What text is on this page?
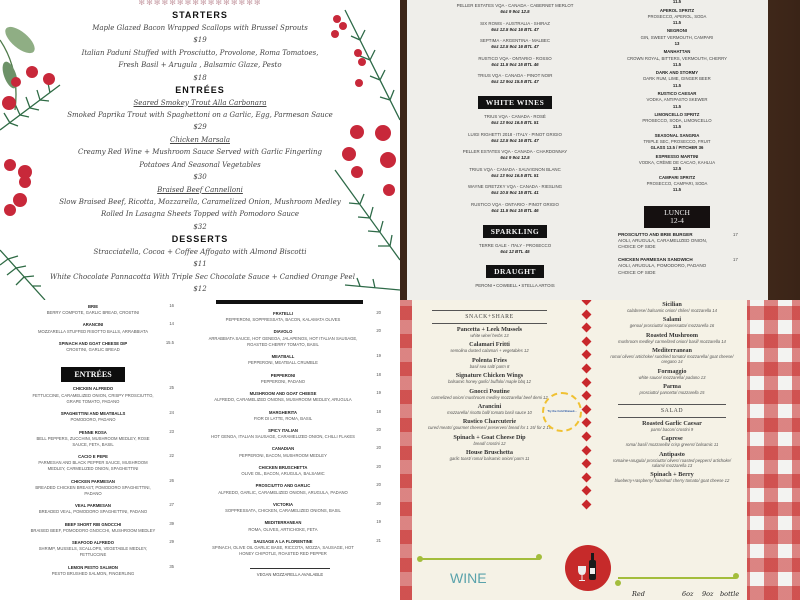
✻✻✻✻✻✻✻✻✻✻✻✻✻✻✻✻
STARTERS
Maple Glazed Bacon Wrapped Scallops with Brussel Sprouts
$19
Italian Paduni Stuffed with Prosciutto, Provolone, Roma Tomatoes,
Fresh Basil + Arugula , Balsamic Glaze, Pesto
$18
ENTRÉES
Seared Smokey Trout Alla Carbonara
Smoked Paprika Trout with Spaghettoni on a Garlic, Egg, Parmesan Sauce
$29
Chicken Marsala
Creamy Red Wine + Mushroom Sauce Served with Garlic Fingerling
Potatoes And Seasonal Vegetables
$30
Braised Beef Cannelloni
Slow Braised Beef, Ricotta, Mozzarella, Caramelized Onion, Mushroom Medley
Rolled In Lasagna Sheets Topped with Pomodoro Sauce
$32
DESSERTS
Stracciatella, Cocoa + Coffee Affogato with Almond Biscotti
$11
White Chocolate Pannacotta With Triple Sec Chocolate Sauce + Candied Orange Peel
$12
PELLER ESTATES VQA - CANADA - CABERNET MERLOT
6oz 9 9oz 12.5
SIX ROWS - AUSTRALIA - SHIRAZ
6oz 12.5 9oz 16 BTL 47
SEPTIMA - ARGENTINA - MALBEC
6oz 12.5 9oz 16 BTL 47
RUSTICO VQA - ONTARIO - ROSSO
6oz 11.5 9oz 15 BTL 46
TRIUS VQA - CANADA - PINOT NOIR
6oz 12 9oz 15.5 BTL 47
WHITE WINES
TRIUS VQA - CANADA - ROSÉ
6oz 13 9oz 16.5 BTL 51
LUIGI RIGHETTI 2018 - ITALY - PINOT GRIGIO
6oz 12.5 9oz 16 BTL 47
PELLER ESTATES VQA - CANADA - CHARDONNAY
6oz 9 9oz 12.5
TRIUS VQA - CANADA - SAUVIGNON BLANC
6oz 13 9oz 16.5 BTL 51
WAYNE GRETZKY VQA - CANADA - RIESLING
6oz 10.5 9oz 15 BTL 41
RUSTICO VQA - ONTARIO - PINOT GRIGIO
6oz 11.5 9oz 15 BTL 46
SPARKLING
TERRE GALE - ITALY - PROSECCO
6oz 12 BTL 45
DRAUGHT
PERONI • COWBELL • STELLA ARTOIS
11.5
APEROL SPRITZ
PROSECCO, APEROL, SODA
11.5
NEGRONI
GIN, SWEET VERMOUTH, CAMPARI
13
MANHATTAN
CROWN ROYAL, BITTERS, VERMOUTH, CHERRY
11.5
DARK AND STORMY
DARK RUM, LIME, GINGER BEER
11.5
RUSTICO CAESAR
VODKA, ANTIPASTO SKEWER
11.5
LIMONCELLO SPRITZ
PROSECCO, SODA, LIMONCELLO
11.5
SEASONAL SANGRIA
TRIPLE SEC, PROSECCO, FRUIT
GLASS 13.5 / PITCHER 36
ESPRESSO MARTINI
VODKA, CRÈME DE CACAO, KAHLUA
12.5
CAMPARI SPRITZ
PROSECCO, CAMPARI, SODA
11.5
LUNCH
12-4
PROSCIUTTO AND BRIE BURGER
AIOLI, ARUGULA, CARAMELIZED ONION, CHOICE OF SIDE
17
CHICKEN PARMESAN SANDWICH
AIOLI, ARUGULA, POMODORO, PADANO CHOICE OF SIDE
17
BRIE
BERRY COMPOTE, GARLIC BREAD, CROSTINI
16
ARANCINI
MOZZARELLA STUFFED RISOTTO BALLS, ARRABBIATA
14
SPINACH AND GOAT CHEESE DIP
CROSTINI, GARLIC BREAD
15.5
ENTRÉES
CHICKEN ALFREDO
FETTUCCINE, CARAMELIZED ONION, CRISPY PROSCIUTTO, GRAPE TOMATO, PADANO
25
SPAGHETTINI AND MEATBALLS
POMODORO, PADANO
24
PENNE ROSA
BELL PEPPERS, ZUCCHINI, MUSHROOM MEDLEY, ROSE SAUCE, FETA, BASIL
23
CACIO E PEPE
PARMESAN AND BLACK PEPPER SAUCE, MUSHROOM MEDLEY, CARMELIZED ONION, SPAGHETTINI
22
CHICKEN PARMESAN
BREADED CHICKEN BREAST, POMODORO SPAGHETTINI, PADANO
26
VEAL PARMESAN
BREADED VEAL, POMODORO SPAGHETTINI, PADANO
27
BEEF SHORT RIB GNOCCHI
BRAISED BEEF, POMODORO GNOCCHI, MUSHROOM MEDLEY
39
SEAFOOD ALFREDO
SHRIMP, MUSSELS, SCALLOPS, VEGETABLE MEDLEY, FETTUCCINE
29
LEMON PESTO SALMON
PESTO BRUSHED SALMON, FINGERLING
35
FRATELLI
PEPPERONI, SOPPRESSATA, BACON, KALAMATA OLIVES
20
DIAVOLO
ARRABBIATA SAUCE, HOT GENEOA, JALAPENOS, HOT ITALIAN SAUSAGE, ROASTED CHERRY TOMATO, BASIL
20
MEATBALL
PEPPERONI, MEATBALL CRUMBLE
19
PEPPERONI
PEPPERONI, PADANO
18
MUSHROOM AND GOAT CHEESE
ALFREDO, CARAMELIZED ONIONS, MUSHROOM MEDLEY, ARUGULA
19
MARGHERITA
FIOR DI LATTE, ROMA, BASIL
18
SPICY ITALIAN
HOT GENOA, ITALIAN SAUSAGE, CARAMELIZED ONION, CHILLI FLAKES
20
CANADIAN
PEPPERONI, BACON, MUSHROOM MEDLEY
20
CHICKEN BRUSCHETTA
OLIVE OIL, BACON, ARUGULA, BALSAMIC
20
PROSCIUTTO AND GARLIC
ALFREDO, GARLIC, CARAMELIZED ONIONS, ARUGULA, PADANO
20
VICTORIA
SOPPRESSATA, CHICKEN, CARAMELIZED ONIONS, BASIL
20
MEDITERRANEAN
ROMA, OLIVES, ARTICHOKE, FETA
19
SAUSAGE A LA FLORENTINE
SPINACH, OLIVE OIL GARLIC BASE, RICCOTA, MOZZA, SAUSAGE, HOT HONEY CHIPOTLE, ROASTED RED PEPPER
21
VEGAN MOZZARELLA AVAILABLE
SNACK+SHARE
Pancetta + Leek Mussels
white wine/ herbs 13
Calamari Fritti
semolina dusted calamari + vegetables 12
Polenta Fries
basil sea salt/ parm 8
Signature Chicken Wings
balsamic honey garlic/ buffalo/ maple bbq 12
Gnocci Poutine
carmelized onion/ mushroom medley mozzarella/ beef demi 12
Arancini
mozzarella/ risotto ball/ tomato basil sauce 10
Rustico Charcuterie
cured meats/ gourmet cheeses/ preserves/ bread for 1 15/ for 2 19
Spinach + Goat Cheese Dip
bread/ crostini 12
House Bruschetta
garlic toast/ roma/ balsamic onion/ parm 11
Sicilian
calabrese/ balsamic onion/ chiles/ mozzarella 14
Salami
genoa/ prosciutto/ sopressatta/ mozzarella 16
Roasted Mushroom
mushroom medley/ carmelized onion/ basil/ mozzarella 14
Mediterranean
roma/ olives/ artichoke/ sundried tomato/ mozzarella/ goat cheese/ oregano 14
Formaggio
white sauce/ mozzarella/ padano 13
Parma
prosciutto/ pancetta/ mozzarella 15
SALAD
Roasted Garlic Caesar
parm/ bacon/ crostini 9
Caprese
roma/ basil/ mozzarella/ crisp greens/ balsamic 11
Antipasto
romaine+arugula/ prosciutto/ olives/ roasted peppers/ artichoke/ salami/ mozzarella 13
Spinach + Berry
blueberry+raspberry/ hazelnut/ cherry tomato/ goat cheese 12
Try the Cold Shaved...
WINE
Red	6oz 9oz bottle
